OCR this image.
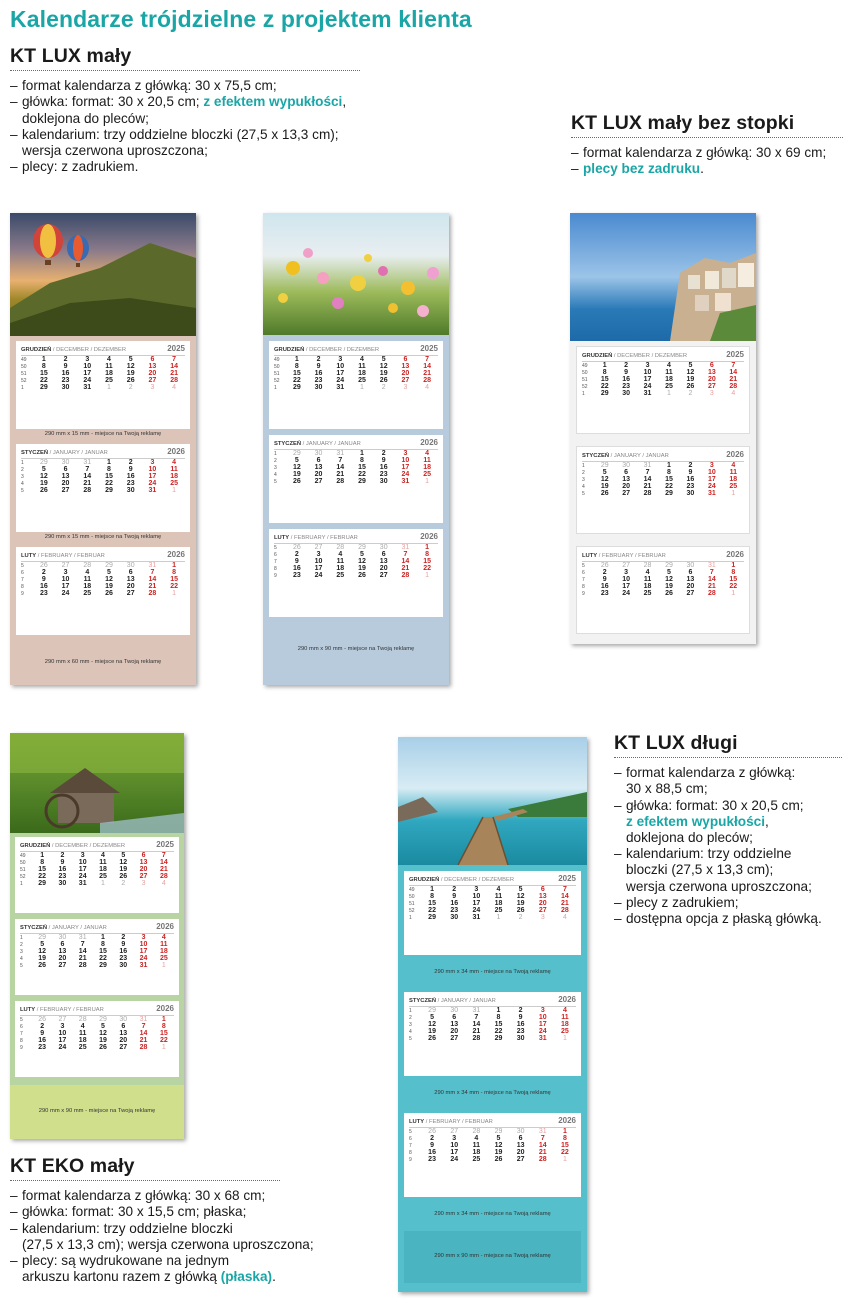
Kalendarze trójdzielne z projektem klienta
KT LUX mały
– format kalendarza z główką: 30 x 75,5 cm;
– główka: format: 30 x 20,5 cm; z efektem wypukłości,
doklejona do pleców;
– kalendarium: trzy oddzielne bloczki (27,5 x 13,3 cm);
wersja czerwona uproszczona;
– plecy: z zadrukiem.
KT LUX mały bez stopki
– format kalendarza z główką: 30 x 69 cm;
– plecy bez zadruku.
KT LUX długi
– format kalendarza z główką:
30 x 88,5 cm;
– główka: format: 30 x 20,5 cm;
z efektem wypukłości,
doklejona do pleców;
– kalendarium: trzy oddzielne
bloczki (27,5 x 13,3 cm);
wersja czerwona uproszczona;
– plecy z zadrukiem;
– dostępna opcja z płaską główką.
KT EKO mały
– format kalendarza z główką: 30 x 68 cm;
– główka: format: 30 x 15,5 cm; płaska;
– kalendarium: trzy oddzielne bloczki
(27,5 x 13,3 cm); wersja czerwona uproszczona;
– plecy: są wydrukowane na jednym
arkuszu kartonu razem z główką (płaska).
GRUDZIEŃ / DECEMBER / DEZEMBER	2025
49	1	2	3	4	5	6	7
50	8	9	10	11	12	13	14
51	15	16	17	18	19	20	21
52	22	23	24	25	26	27	28
1	29	30	31	1	2	3	4
290 mm x 15 mm - miejsce na Twoją reklamę
STYCZEŃ / JANUARY / JANUAR	2026
1	29	30	31	1	2	3	4
2	5	6	7	8	9	10	11
3	12	13	14	15	16	17	18
4	19	20	21	22	23	24	25
5	26	27	28	29	30	31	1
290 mm x 15 mm - miejsce na Twoją reklamę
LUTY / FEBRUARY / FEBRUAR	2026
5	26	27	28	29	30	31	1
6	2	3	4	5	6	7	8
7	9	10	11	12	13	14	15
8	16	17	18	19	20	21	22
9	23	24	25	26	27	28	1
290 mm x 60 mm - miejsce na Twoją reklamę
GRUDZIEŃ / DECEMBER / DEZEMBER	2025
49	1	2	3	4	5	6	7
50	8	9	10	11	12	13	14
51	15	16	17	18	19	20	21
52	22	23	24	25	26	27	28
1	29	30	31	1	2	3	4
STYCZEŃ / JANUARY / JANUAR	2026
1	29	30	31	1	2	3	4
2	5	6	7	8	9	10	11
3	12	13	14	15	16	17	18
4	19	20	21	22	23	24	25
5	26	27	28	29	30	31	1
LUTY / FEBRUARY / FEBRUAR	2026
5	26	27	28	29	30	31	1
6	2	3	4	5	6	7	8
7	9	10	11	12	13	14	15
8	16	17	18	19	20	21	22
9	23	24	25	26	27	28	1
290 mm x 90 mm - miejsce na Twoją reklamę
GRUDZIEŃ / DECEMBER / DEZEMBER	2025
49	1	2	3	4	5	6	7
50	8	9	10	11	12	13	14
51	15	16	17	18	19	20	21
52	22	23	24	25	26	27	28
1	29	30	31	1	2	3	4
STYCZEŃ / JANUARY / JANUAR	2026
1	29	30	31	1	2	3	4
2	5	6	7	8	9	10	11
3	12	13	14	15	16	17	18
4	19	20	21	22	23	24	25
5	26	27	28	29	30	31	1
LUTY / FEBRUARY / FEBRUAR	2026
5	26	27	28	29	30	31	1
6	2	3	4	5	6	7	8
7	9	10	11	12	13	14	15
8	16	17	18	19	20	21	22
9	23	24	25	26	27	28	1
GRUDZIEŃ / DECEMBER / DEZEMBER	2025
49	1	2	3	4	5	6	7
50	8	9	10	11	12	13	14
51	15	16	17	18	19	20	21
52	22	23	24	25	26	27	28
1	29	30	31	1	2	3	4
STYCZEŃ / JANUARY / JANUAR	2026
1	29	30	31	1	2	3	4
2	5	6	7	8	9	10	11
3	12	13	14	15	16	17	18
4	19	20	21	22	23	24	25
5	26	27	28	29	30	31	1
LUTY / FEBRUARY / FEBRUAR	2026
5	26	27	28	29	30	31	1
6	2	3	4	5	6	7	8
7	9	10	11	12	13	14	15
8	16	17	18	19	20	21	22
9	23	24	25	26	27	28	1
290 mm x 90 mm - miejsce na Twoją reklamę
GRUDZIEŃ / DECEMBER / DEZEMBER	2025
49	1	2	3	4	5	6	7
50	8	9	10	11	12	13	14
51	15	16	17	18	19	20	21
52	22	23	24	25	26	27	28
1	29	30	31	1	2	3	4
290 mm x 34 mm - miejsce na Twoją reklamę
STYCZEŃ / JANUARY / JANUAR	2026
1	29	30	31	1	2	3	4
2	5	6	7	8	9	10	11
3	12	13	14	15	16	17	18
4	19	20	21	22	23	24	25
5	26	27	28	29	30	31	1
290 mm x 34 mm - miejsce na Twoją reklamę
LUTY / FEBRUARY / FEBRUAR	2026
5	26	27	28	29	30	31	1
6	2	3	4	5	6	7	8
7	9	10	11	12	13	14	15
8	16	17	18	19	20	21	22
9	23	24	25	26	27	28	1
290 mm x 34 mm - miejsce na Twoją reklamę
290 mm x 90 mm - miejsce na Twoją reklamę
